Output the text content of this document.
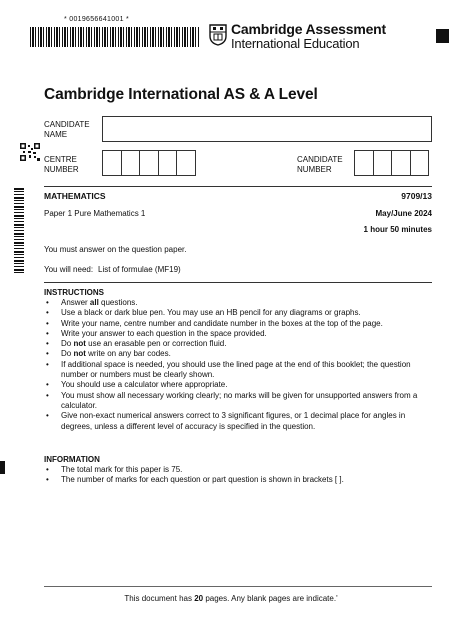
* 0019656641001 *
Cambridge Assessment
International Education
Cambridge International AS & A Level
CANDIDATE
NAME
CENTRE
NUMBER
CANDIDATE
NUMBER
MATHEMATICS	9709/13
Paper 1 Pure Mathematics 1	May/June 2024
1 hour 50 minutes
You must answer on the question paper.
You will need: List of formulae (MF19)
INSTRUCTIONS
• Answer all questions.
• Use a black or dark blue pen. You may use an HB pencil for any diagrams or graphs.
• Write your name, centre number and candidate number in the boxes at the top of the page.
• Write your answer to each question in the space provided.
• Do not use an erasable pen or correction fluid.
• Do not write on any bar codes.
• If additional space is needed, you should use the lined page at the end of this booklet; the question number or numbers must be clearly shown.
• You should use a calculator where appropriate.
• You must show all necessary working clearly; no marks will be given for unsupported answers from a calculator.
• Give non-exact numerical answers correct to 3 significant figures, or 1 decimal place for angles in degrees, unless a different level of accuracy is specified in the question.
INFORMATION
• The total mark for this paper is 75.
• The number of marks for each question or part question is shown in brackets [ ].
This document has 20 pages. Any blank pages are indicate.'
